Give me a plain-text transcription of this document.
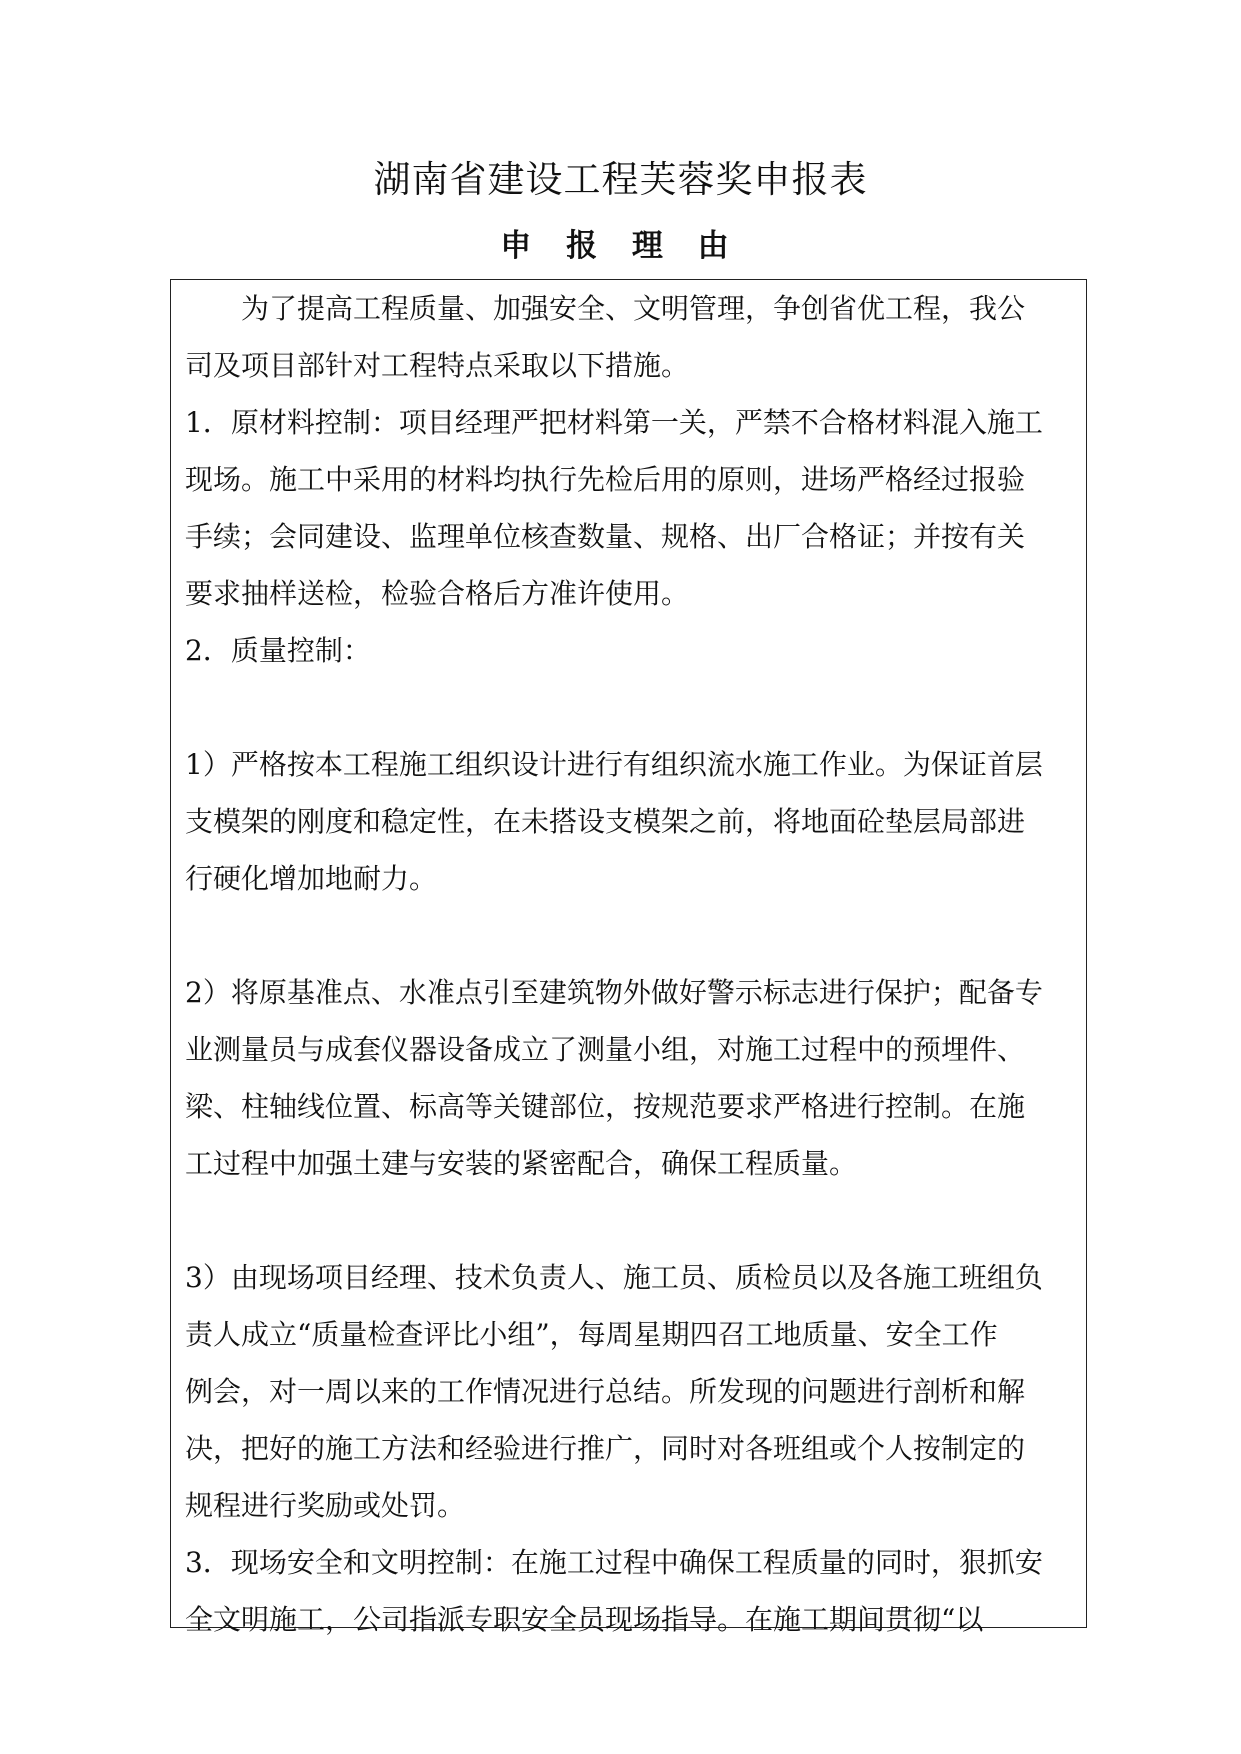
湖南省建设工程芙蓉奖申报表
申 报 理 由
为了提高工程质量、加强安全、文明管理，争创省优工程，我公
司及项目部针对工程特点采取以下措施。
1．原材料控制：项目经理严把材料第一关，严禁不合格材料混入施工
现场。施工中采用的材料均执行先检后用的原则，进场严格经过报验
手续；会同建设、监理单位核查数量、规格、出厂合格证；并按有关
要求抽样送检，检验合格后方准许使用。
2．质量控制：
1）严格按本工程施工组织设计进行有组织流水施工作业。为保证首层
支模架的刚度和稳定性，在未搭设支模架之前，将地面砼垫层局部进
行硬化增加地耐力。
2）将原基准点、水准点引至建筑物外做好警示标志进行保护；配备专
业测量员与成套仪器设备成立了测量小组，对施工过程中的预埋件、
梁、柱轴线位置、标高等关键部位，按规范要求严格进行控制。在施
工过程中加强土建与安装的紧密配合，确保工程质量。
3）由现场项目经理、技术负责人、施工员、质检员以及各施工班组负
责人成立“质量检查评比小组”，每周星期四召工地质量、安全工作
例会，对一周以来的工作情况进行总结。所发现的问题进行剖析和解
决，把好的施工方法和经验进行推广，同时对各班组或个人按制定的
规程进行奖励或处罚。
3．现场安全和文明控制：在施工过程中确保工程质量的同时，狠抓安
全文明施工，公司指派专职安全员现场指导。在施工期间贯彻“以
